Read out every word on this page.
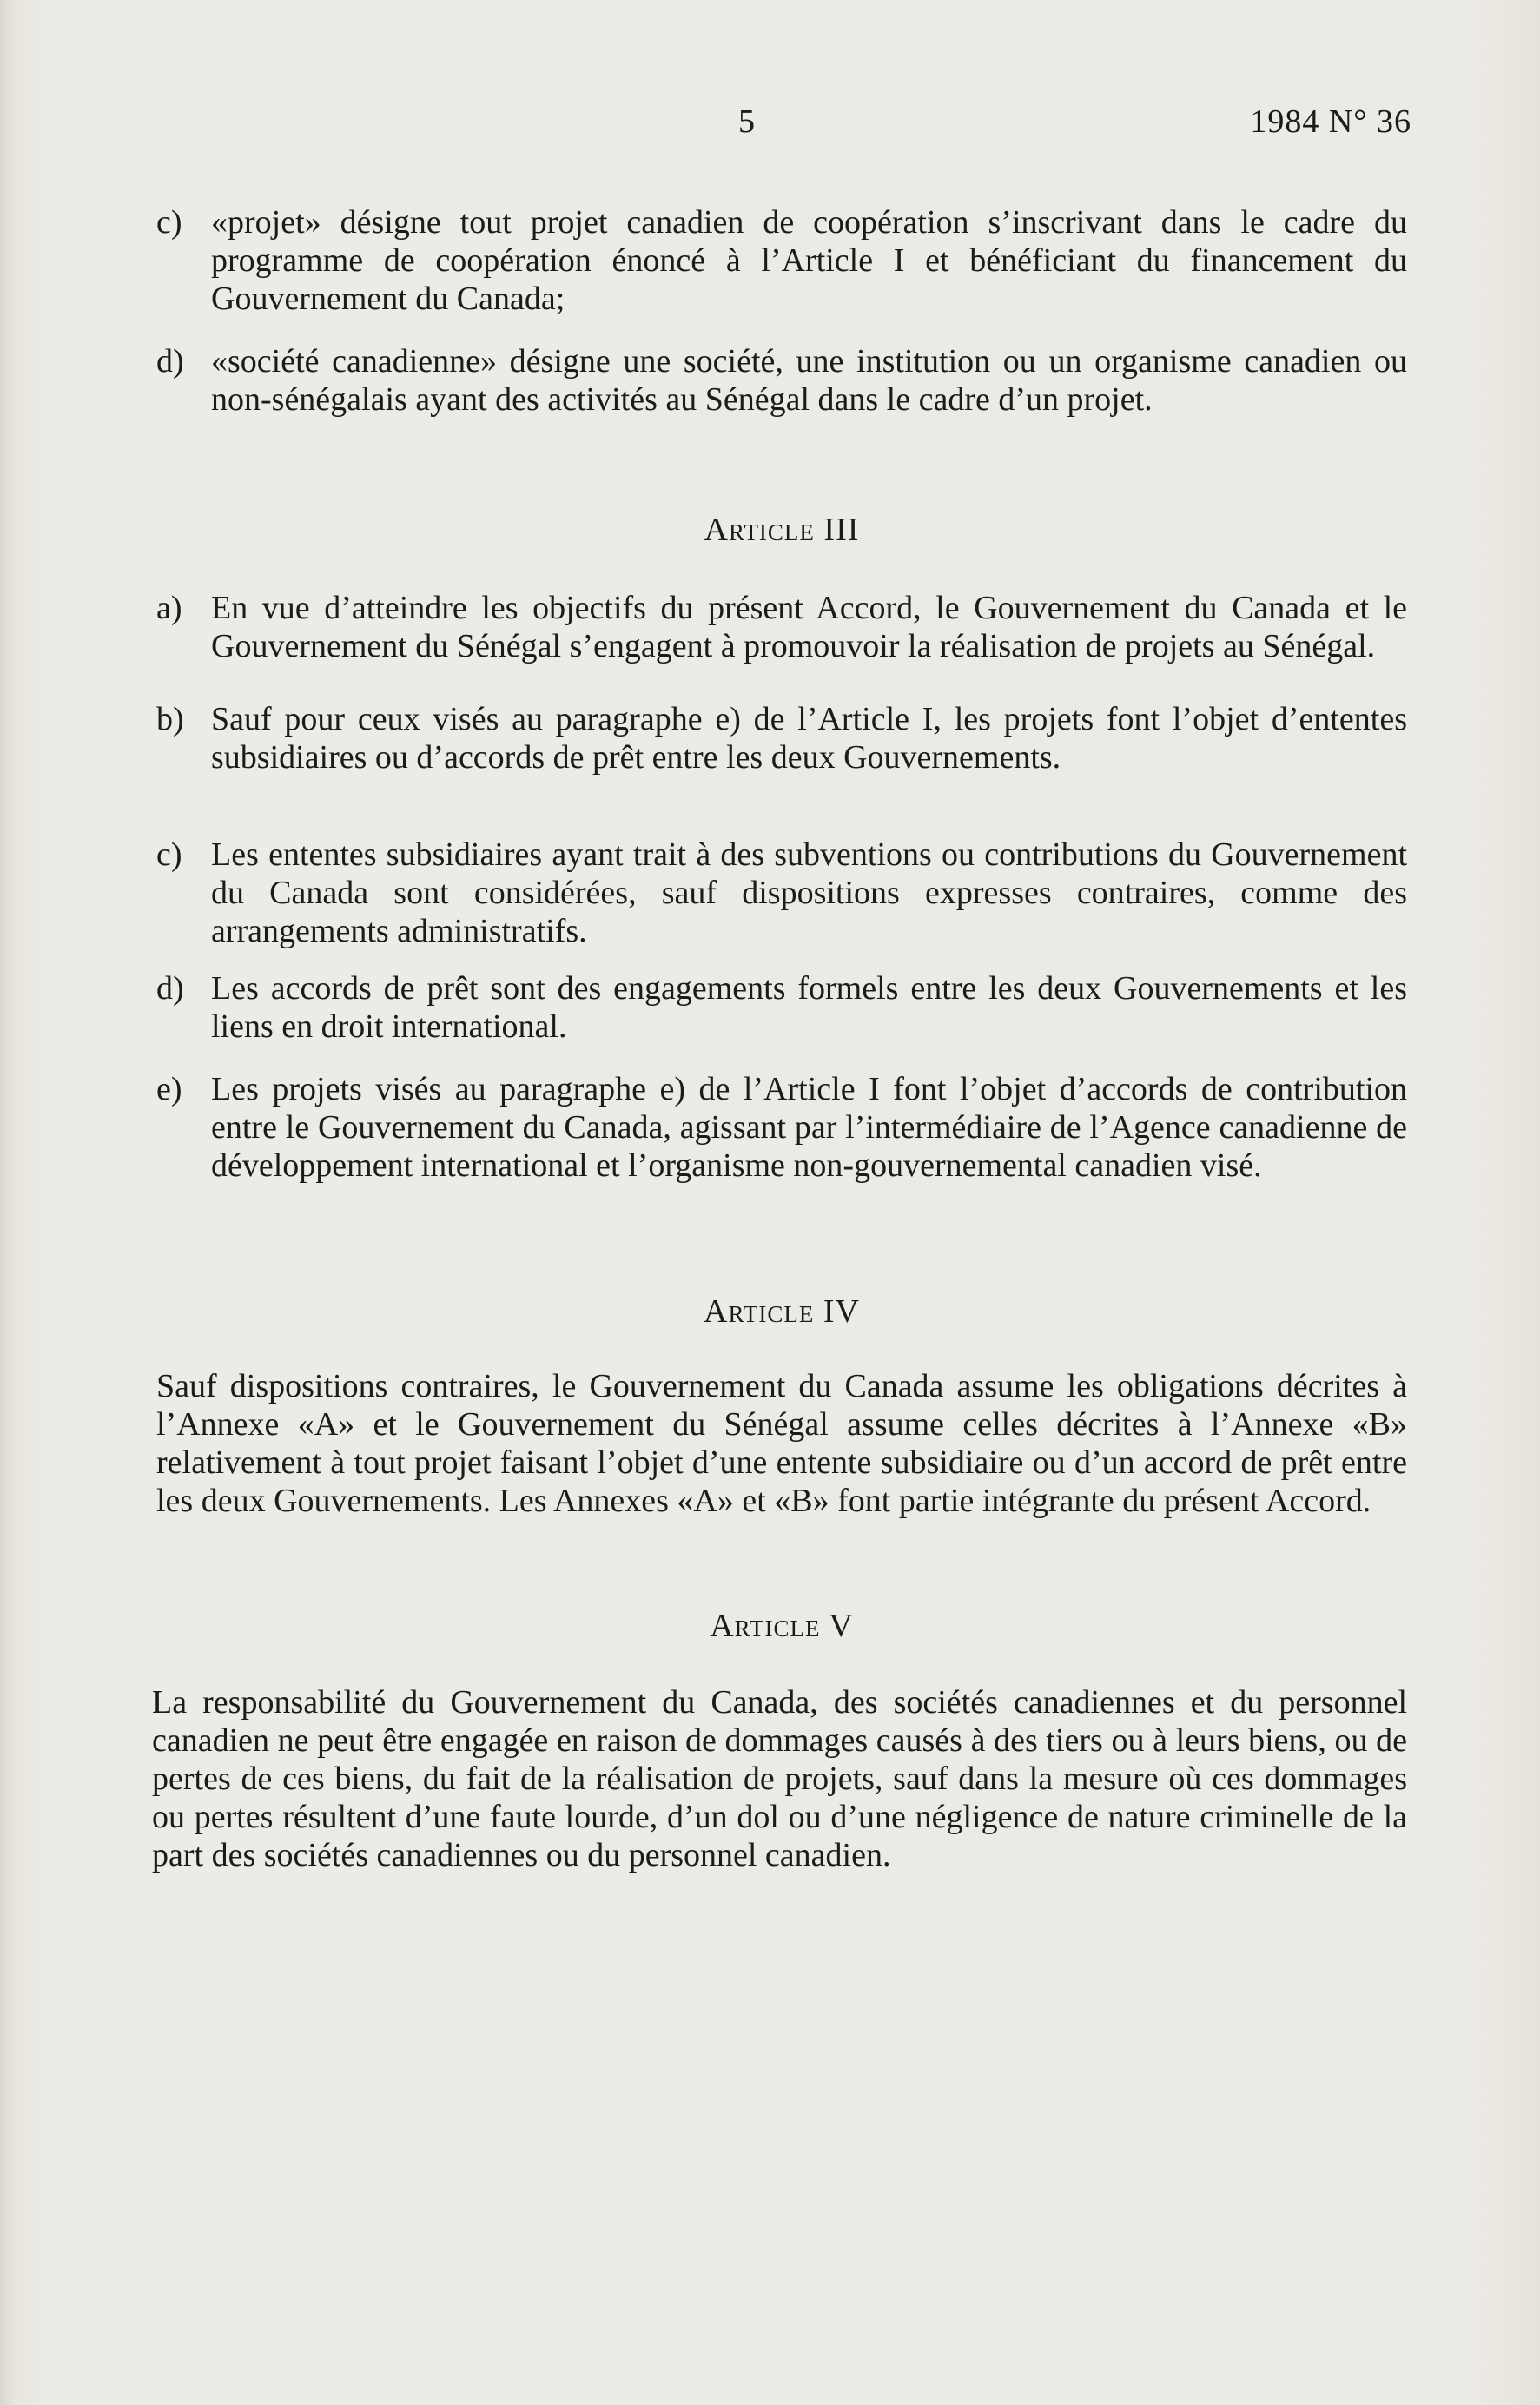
5	1984 N° 36
c) «projet» désigne tout projet canadien de coopération s’inscrivant dans le cadre du programme de coopération énoncé à l’Article I et bénéficiant du financement du Gouvernement du Canada;
d) «société canadienne» désigne une société, une institution ou un organisme canadien ou non-sénégalais ayant des activités au Sénégal dans le cadre d’un projet.
Article III
a) En vue d’atteindre les objectifs du présent Accord, le Gouvernement du Canada et le Gouvernement du Sénégal s’engagent à promouvoir la réalisation de projets au Sénégal.
b) Sauf pour ceux visés au paragraphe e) de l’Article I, les projets font l’objet d’ententes subsidiaires ou d’accords de prêt entre les deux Gouvernements.
c) Les ententes subsidiaires ayant trait à des subventions ou contributions du Gouvernement du Canada sont considérées, sauf dispositions expresses contraires, comme des arrangements administratifs.
d) Les accords de prêt sont des engagements formels entre les deux Gouvernements et les liens en droit international.
e) Les projets visés au paragraphe e) de l’Article I font l’objet d’accords de contribution entre le Gouvernement du Canada, agissant par l’intermédiaire de l’Agence canadienne de développement international et l’organisme non-gouvernemental canadien visé.
Article IV
Sauf dispositions contraires, le Gouvernement du Canada assume les obligations décrites à l’Annexe «A» et le Gouvernement du Sénégal assume celles décrites à l’Annexe «B» relativement à tout projet faisant l’objet d’une entente subsidiaire ou d’un accord de prêt entre les deux Gouvernements. Les Annexes «A» et «B» font partie intégrante du présent Accord.
Article V
La responsabilité du Gouvernement du Canada, des sociétés canadiennes et du personnel canadien ne peut être engagée en raison de dommages causés à des tiers ou à leurs biens, ou de pertes de ces biens, du fait de la réalisation de projets, sauf dans la mesure où ces dommages ou pertes résultent d’une faute lourde, d’un dol ou d’une négligence de nature criminelle de la part des sociétés canadiennes ou du personnel canadien.
